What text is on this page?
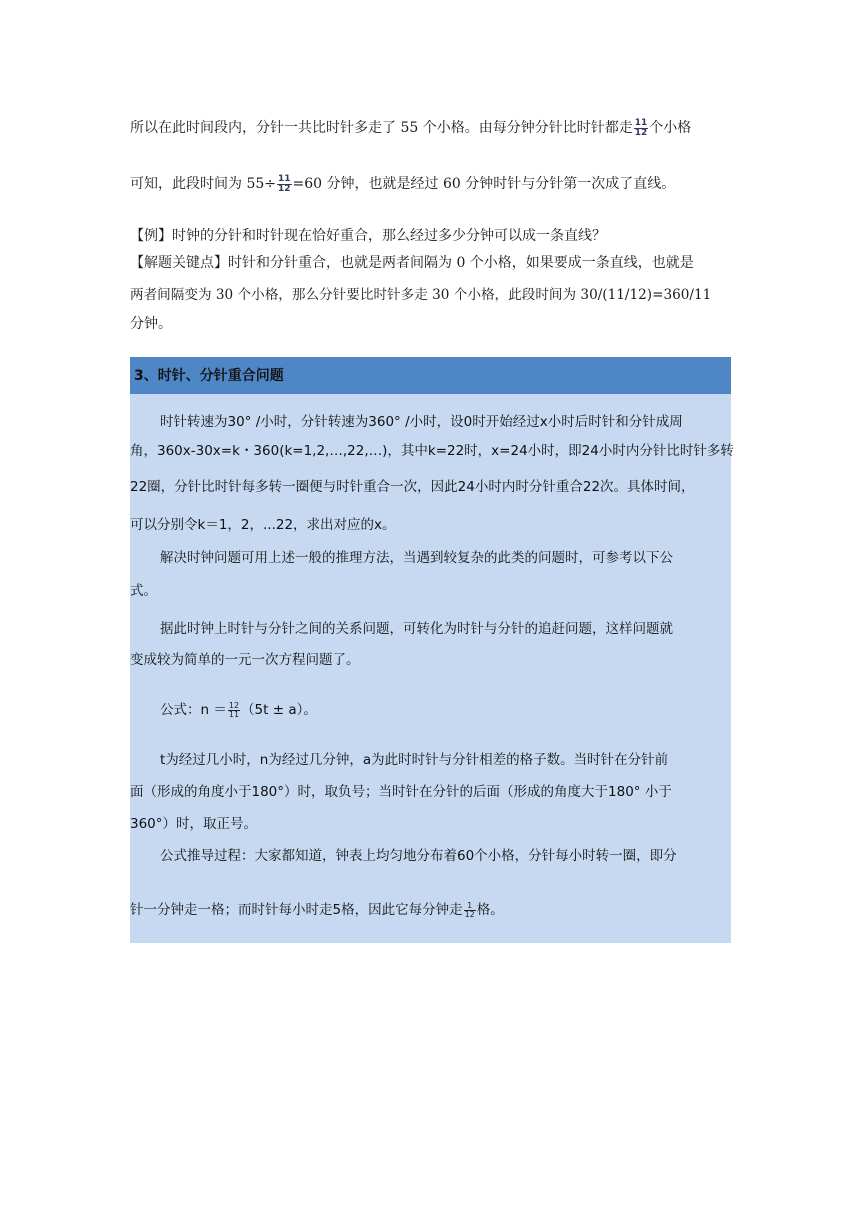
所以在此时间段内，分针一共比时针多走了 55 个小格。由每分钟分针比时针都走 $\frac{11}{12}$ 个小格
可知，此段时间为 $55\div \frac{11}{12} =60$ 分钟，也就是经过 60 分钟时针与分针第一次成了直线。
【例】时钟的分针和时针现在恰好重合，那么经过多少分钟可以成一条直线？
【解题关键点】时针和分针重合，也就是两者间隔为 0 个小格，如果要成一条直线，也就是
两者间隔变为 30 个小格，那么分针要比时针多走 30 个小格，此段时间为 30/(11/12)=360/11
分钟。
3、时针、分针重合问题
时针转速为30° /小时，分针转速为360° /小时，设0时开始经过x小时后时针和分针成周
角，360x-30x=k・360(k=1,2,…,22,…)，其中k=22时，x=24小时，即24小时内分针比时针多转
22圈，分针比时针每多转一圈便与时针重合一次，因此24小时内时分针重合22次。具体时间，
可以分别令k＝1，2，...22，求出对应的x。
解决时钟问题可用上述一般的推理方法，当遇到较复杂的此类的问题时，可参考以下公
式。
据此时钟上时针与分针之间的关系问题，可转化为时针与分针的追赶问题，这样问题就
变成较为简单的一元一次方程问题了。
公式：$n = \frac{12}{11} (5t \pm a)$。
t为经过几小时，n为经过几分钟，a为此时时针与分针相差的格子数。当时针在分针前
面（形成的角度小于180°）时，取负号；当时针在分针的后面（形成的角度大于180° 小于
360°）时，取正号。
公式推导过程：大家都知道，钟表上均匀地分布着60个小格，分针每小时转一圈，即分
针一分钟走一格；而时针每小时走5格，因此它每分钟走 $\frac{1}{12}$ 格。
